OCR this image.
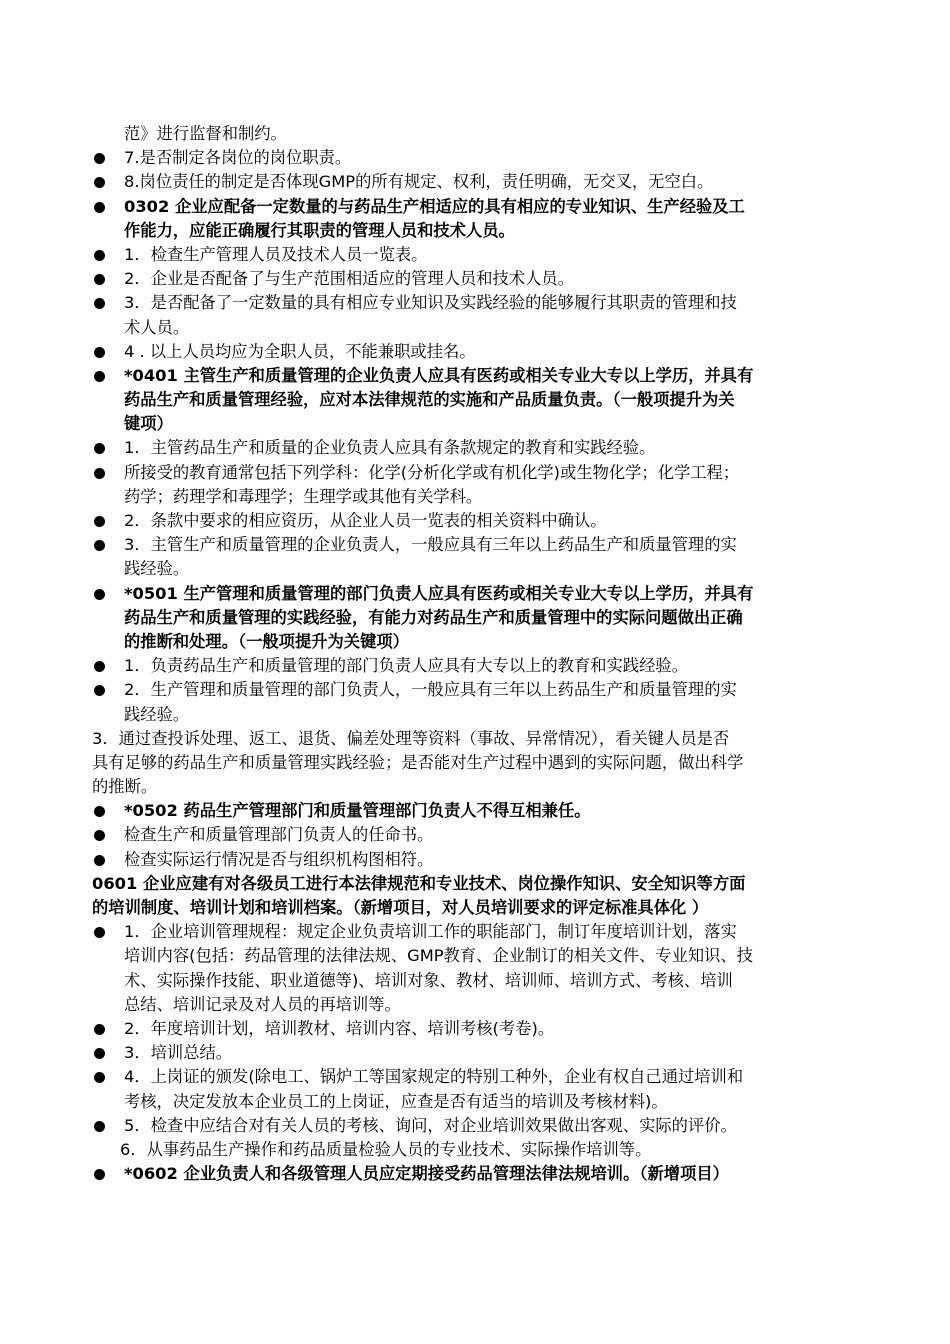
范》进行监督和制约。
7.是否制定各岗位的岗位职责。
8.岗位责任的制定是否体现GMP的所有规定、权利，责任明确，无交叉，无空白。
0302 企业应配备一定数量的与药品生产相适应的具有相应的专业知识、生产经验及工
作能力，应能正确履行其职责的管理人员和技术人员。
1．检查生产管理人员及技术人员一览表。
2．企业是否配备了与生产范围相适应的管理人员和技术人员。
3．是否配备了一定数量的具有相应专业知识及实践经验的能够履行其职责的管理和技
术人员。
4 . 以上人员均应为全职人员，不能兼职或挂名。
*0401 主管生产和质量管理的企业负责人应具有医药或相关专业大专以上学历，并具有
药品生产和质量管理经验，应对本法律规范的实施和产品质量负责。（一般项提升为关
键项）
1．主管药品生产和质量的企业负责人应具有条款规定的教育和实践经验。
所接受的教育通常包括下列学科：化学(分析化学或有机化学)或生物化学；化学工程；
药学；药理学和毒理学；生理学或其他有关学科。
2．条款中要求的相应资历，从企业人员一览表的相关资料中确认。
3．主管生产和质量管理的企业负责人，一般应具有三年以上药品生产和质量管理的实
践经验。
*0501 生产管理和质量管理的部门负责人应具有医药或相关专业大专以上学历，并具有
药品生产和质量管理的实践经验，有能力对药品生产和质量管理中的实际问题做出正确
的推断和处理。（一般项提升为关键项）
1．负责药品生产和质量管理的部门负责人应具有大专以上的教育和实践经验。
2．生产管理和质量管理的部门负责人，一般应具有三年以上药品生产和质量管理的实
践经验。
3．通过查投诉处理、返工、退货、偏差处理等资料（事故、异常情况），看关键人员是否
具有足够的药品生产和质量管理实践经验；是否能对生产过程中遇到的实际问题，做出科学
的推断。
*0502 药品生产管理部门和质量管理部门负责人不得互相兼任。
检查生产和质量管理部门负责人的任命书。
检查实际运行情况是否与组织机构图相符。
0601 企业应建有对各级员工进行本法律规范和专业技术、岗位操作知识、安全知识等方面
的培训制度、培训计划和培训档案。（新增项目，对人员培训要求的评定标准具体化 ）
1．企业培训管理规程：规定企业负责培训工作的职能部门，制订年度培训计划，落实
培训内容(包括：药品管理的法律法规、GMP教育、企业制订的相关文件、专业知识、技
术、实际操作技能、职业道德等)、培训对象、教材、培训师、培训方式、考核、培训
总结、培训记录及对人员的再培训等。
2．年度培训计划，培训教材、培训内容、培训考核(考卷)。
3．培训总结。
4．上岗证的颁发(除电工、锅炉工等国家规定的特别工种外，企业有权自己通过培训和
考核，决定发放本企业员工的上岗证，应查是否有适当的培训及考核材料)。
5．检查中应结合对有关人员的考核、询问，对企业培训效果做出客观、实际的评价。
6．从事药品生产操作和药品质量检验人员的专业技术、实际操作培训等。
*0602 企业负责人和各级管理人员应定期接受药品管理法律法规培训。（新增项目）
